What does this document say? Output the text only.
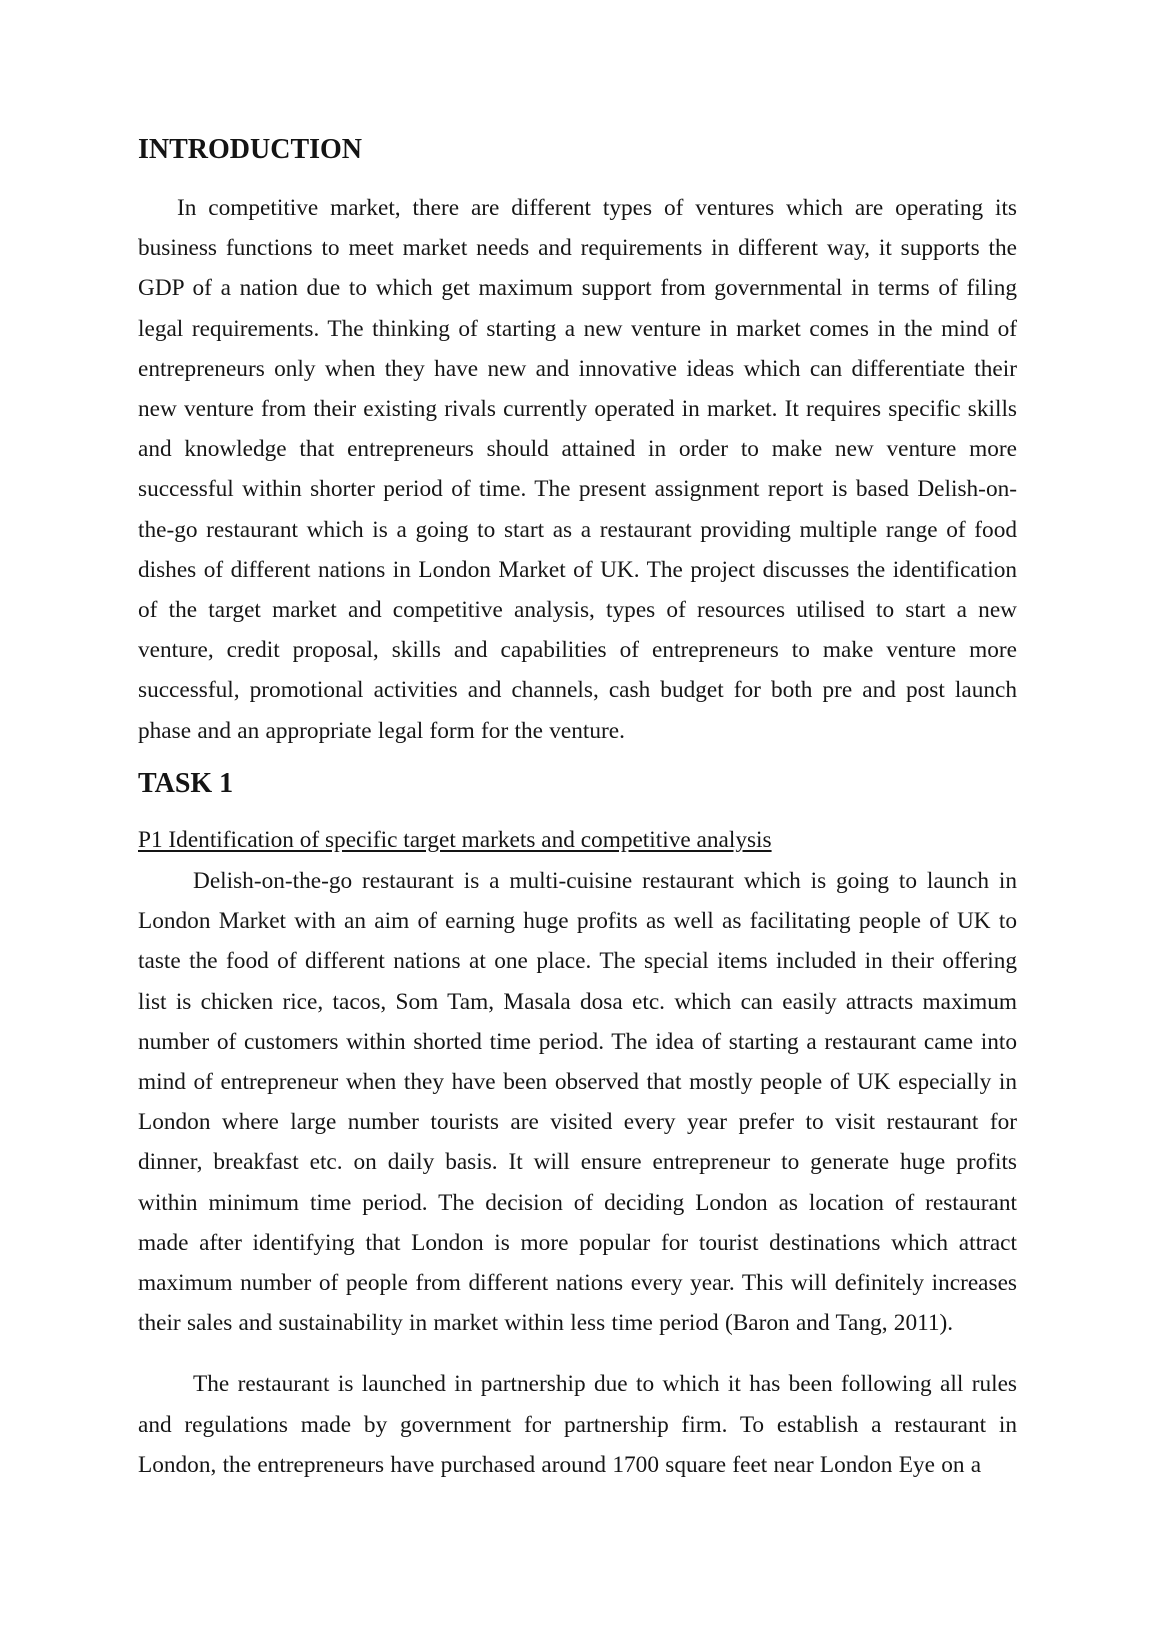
INTRODUCTION

In competitive market, there are different types of ventures which are operating its business functions to meet market needs and requirements in different way, it supports the GDP of a nation due to which get maximum support from governmental in terms of filing legal requirements. The thinking of starting a new venture in market comes in the mind of entrepreneurs only when they have new and innovative ideas which can differentiate their new venture from their existing rivals currently operated in market. It requires specific skills and knowledge that entrepreneurs should attained in order to make new venture more successful within shorter period of time. The present assignment report is based Delish-on-the-go restaurant which is a going to start as a restaurant providing multiple range of food dishes of different nations in London Market of UK. The project discusses the identification of the target market and competitive analysis, types of resources utilised to start a new venture, credit proposal, skills and capabilities of entrepreneurs to make venture more successful, promotional activities and channels, cash budget for both pre and post launch phase and an appropriate legal form for the venture.

TASK 1
P1 Identification of specific target markets and competitive analysis

Delish-on-the-go restaurant is a multi-cuisine restaurant which is going to launch in London Market with an aim of earning huge profits as well as facilitating people of UK to taste the food of different nations at one place. The special items included in their offering list is chicken rice, tacos, Som Tam, Masala dosa etc. which can easily attracts maximum number of customers within shorted time period. The idea of starting a restaurant came into mind of entrepreneur when they have been observed that mostly people of UK especially in London where large number tourists are visited every year prefer to visit restaurant for dinner, breakfast etc. on daily basis. It will ensure entrepreneur to generate huge profits within minimum time period. The decision of deciding London as location of restaurant made after identifying that London is more popular for tourist destinations which attract maximum number of people from different nations every year. This will definitely increases their sales and sustainability in market within less time period (Baron and Tang, 2011).

The restaurant is launched in partnership due to which it has been following all rules and regulations made by government for partnership firm. To establish a restaurant in London, the entrepreneurs have purchased around 1700 square feet near London Eye on a
